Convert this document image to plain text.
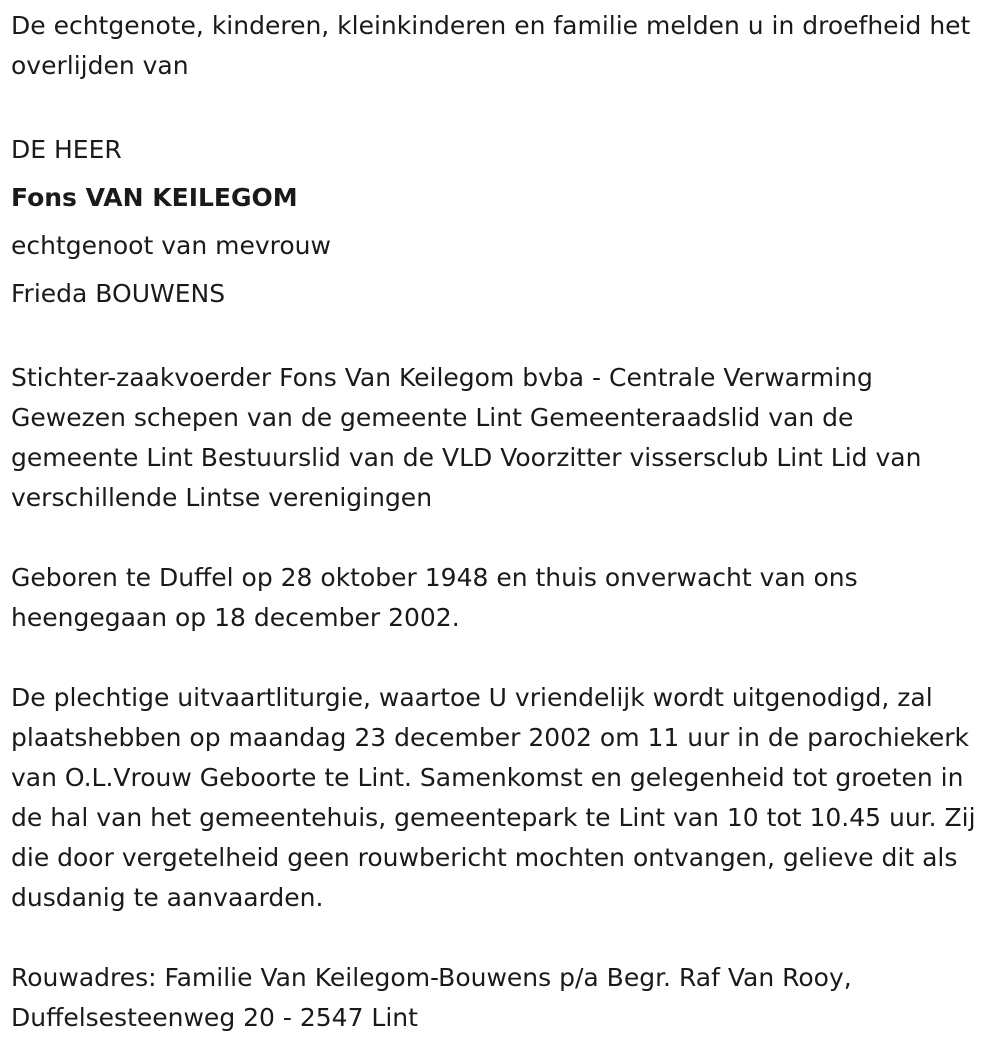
De echtgenote, kinderen, kleinkinderen en familie melden u in droefheid het overlijden van

DE HEER

Fons VAN KEILEGOM

echtgenoot van mevrouw

Frieda BOUWENS

Stichter-zaakvoerder Fons Van Keilegom bvba - Centrale Verwarming Gewezen schepen van de gemeente Lint Gemeenteraadslid van de gemeente Lint Bestuurslid van de VLD Voorzitter vissersclub Lint Lid van verschillende Lintse verenigingen

Geboren te Duffel op 28 oktober 1948 en thuis onverwacht van ons heengegaan op 18 december 2002.

De plechtige uitvaartliturgie, waartoe U vriendelijk wordt uitgenodigd, zal plaatshebben op maandag 23 december 2002 om 11 uur in de parochiekerk van O.L.Vrouw Geboorte te Lint. Samenkomst en gelegenheid tot groeten in de hal van het gemeentehuis, gemeentepark te Lint van 10 tot 10.45 uur. Zij die door vergetelheid geen rouwbericht mochten ontvangen, gelieve dit als dusdanig te aanvaarden.

Rouwadres: Familie Van Keilegom-Bouwens p/a Begr. Raf Van Rooy, Duffelsesteenweg 20 - 2547 Lint
